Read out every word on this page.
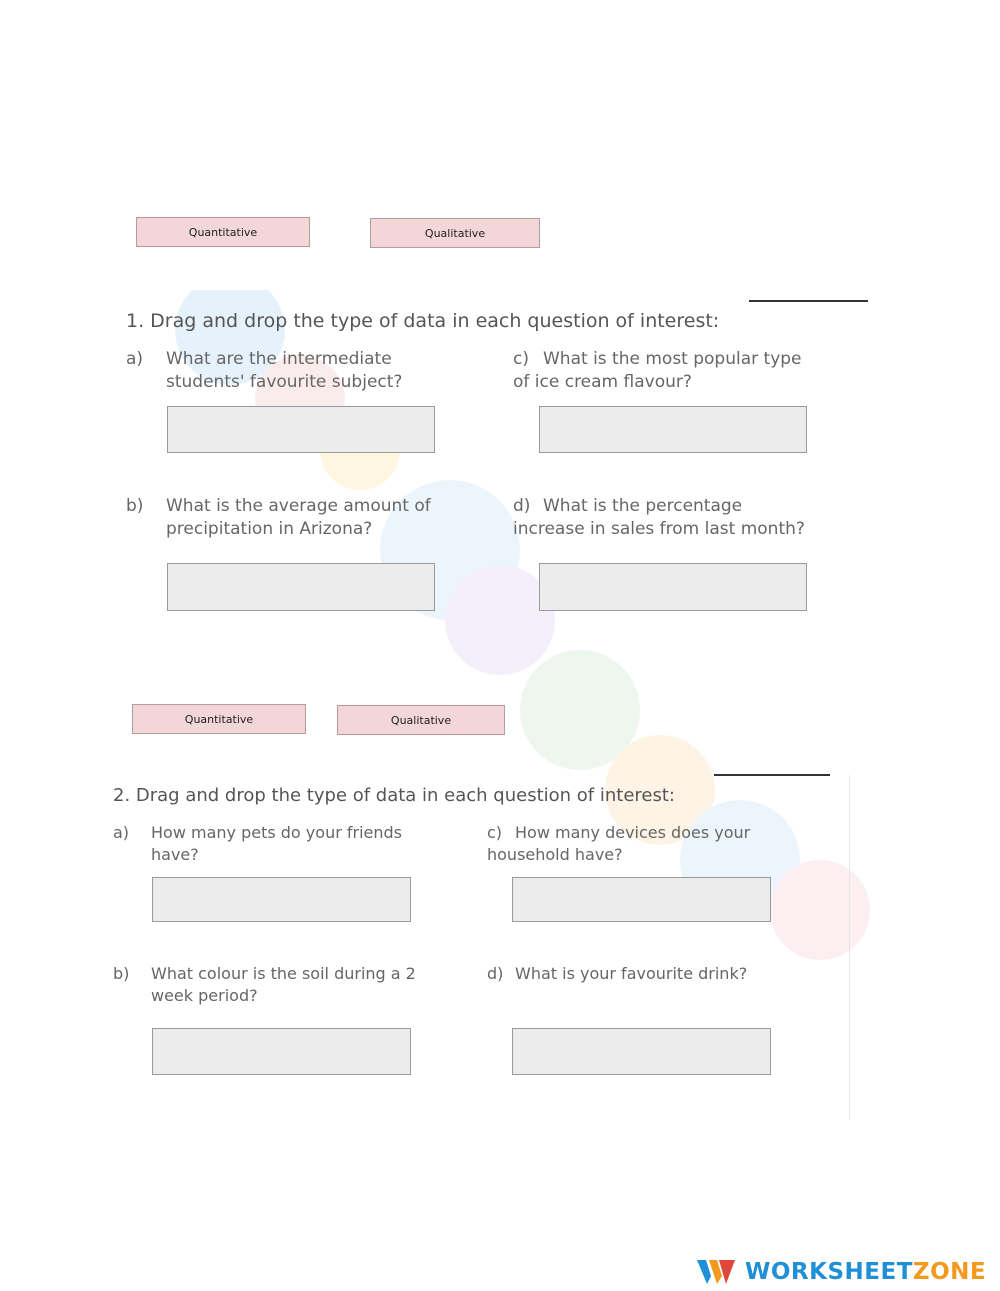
Quantitative	Qualitative
1. Drag and drop the type of data in each question of interest:
a) What are the intermediate
students' favourite subject?
c) What is the most popular type
of ice cream flavour?
b) What is the average amount of
precipitation in Arizona?
d) What is the percentage
increase in sales from last month?
Quantitative	Qualitative
2. Drag and drop the type of data in each question of interest:
a) How many pets do your friends
have?
c) How many devices does your
household have?
b) What colour is the soil during a 2
week period?
d) What is your favourite drink?
WORKSHEETZONE
